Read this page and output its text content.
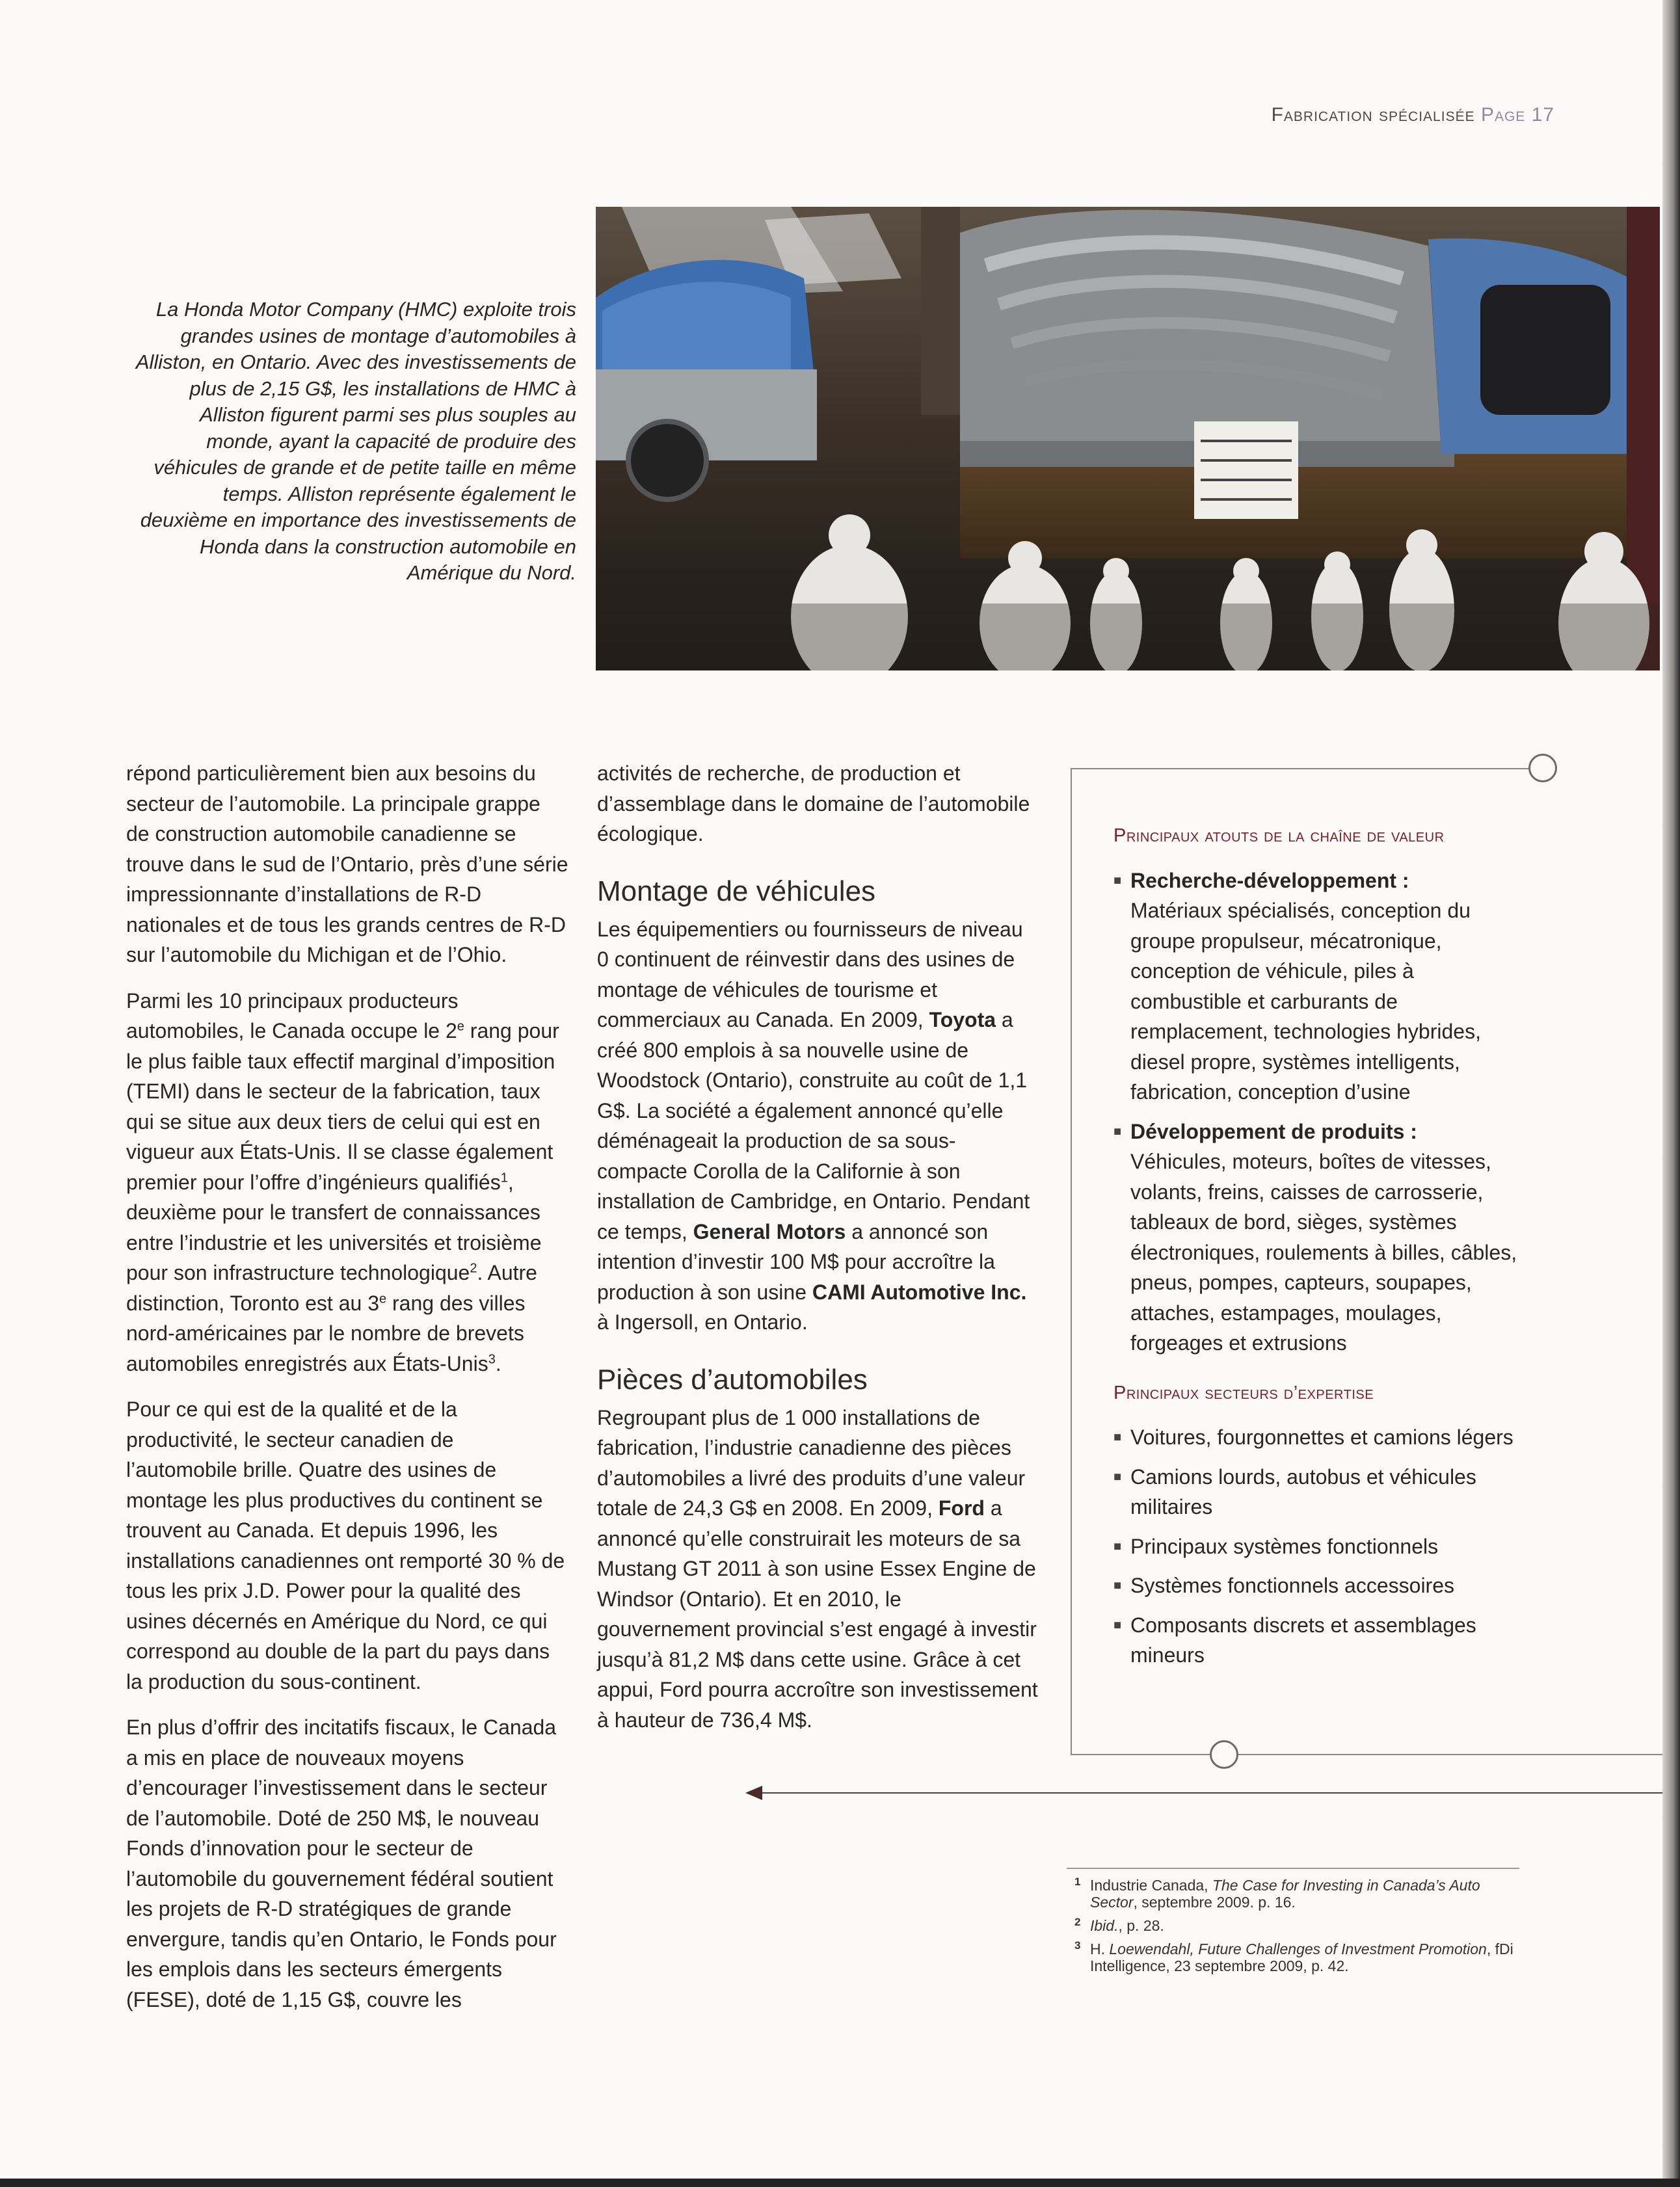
Fabrication spécialisée Page 17
La Honda Motor Company (HMC) exploite trois grandes usines de montage d’automobiles à Alliston, en Ontario. Avec des investissements de plus de 2,15 G$, les installations de HMC à Alliston figurent parmi ses plus souples au monde, ayant la capacité de produire des véhicules de grande et de petite taille en même temps. Alliston représente également le deuxième en importance des investissements de Honda dans la construction automobile en Amérique du Nord.

répond particulièrement bien aux besoins du secteur de l’automobile. La principale grappe de construction automobile canadienne se trouve dans le sud de l’Ontario, près d’une série impressionnante d’installations de R-D nationales et de tous les grands centres de R-D sur l’automobile du Michigan et de l’Ohio.

Parmi les 10 principaux producteurs automobiles, le Canada occupe le 2e rang pour le plus faible taux effectif marginal d’imposition (TEMI) dans le secteur de la fabrication, taux qui se situe aux deux tiers de celui qui est en vigueur aux États-Unis. Il se classe également premier pour l’offre d’ingénieurs qualifiés$^1$, deuxième pour le transfert de connaissances entre l’industrie et les universités et troisième pour son infrastructure technologique$^2$. Autre distinction, Toronto est au 3e rang des villes nord-américaines par le nombre de brevets automobiles enregistrés aux États-Unis$^3$.

Pour ce qui est de la qualité et de la productivité, le secteur canadien de l’automobile brille. Quatre des usines de montage les plus productives du continent se trouvent au Canada. Et depuis 1996, les installations canadiennes ont remporté 30 % de tous les prix J.D. Power pour la qualité des usines décernés en Amérique du Nord, ce qui correspond au double de la part du pays dans la production du sous-continent.

En plus d’offrir des incitatifs fiscaux, le Canada a mis en place de nouveaux moyens d’encourager l’investissement dans le secteur de l’automobile. Doté de 250 M$, le nouveau Fonds d’innovation pour le secteur de l’automobile du gouvernement fédéral soutient les projets de R-D stratégiques de grande envergure, tandis qu’en Ontario, le Fonds pour les emplois dans les secteurs émergents (FESE), doté de 1,15 G$, couvre les

activités de recherche, de production et d’assemblage dans le domaine de l’automobile écologique.

Montage de véhicules

Les équipementiers ou fournisseurs de niveau 0 continuent de réinvestir dans des usines de montage de véhicules de tourisme et commerciaux au Canada. En 2009, Toyota a créé 800 emplois à sa nouvelle usine de Woodstock (Ontario), construite au coût de 1,1 G$. La société a également annoncé qu’elle déménageait la production de sa sous-compacte Corolla de la Californie à son installation de Cambridge, en Ontario. Pendant ce temps, General Motors a annoncé son intention d’investir 100 M$ pour accroître la production à son usine CAMI Automotive Inc. à Ingersoll, en Ontario.

Pièces d’automobiles

Regroupant plus de 1 000 installations de fabrication, l’industrie canadienne des pièces d’automobiles a livré des produits d’une valeur totale de 24,3 G$ en 2008. En 2009, Ford a annoncé qu’elle construirait les moteurs de sa Mustang GT 2011 à son usine Essex Engine de Windsor (Ontario). Et en 2010, le gouvernement provincial s’est engagé à investir jusqu’à 81,2 M$ dans cette usine. Grâce à cet appui, Ford pourra accroître son investissement à hauteur de 736,4 M$.

Principaux atouts de la chaîne de valeur
■ Recherche-développement :
Matériaux spécialisés, conception du groupe propulseur, mécatronique, conception de véhicule, piles à combustible et carburants de remplacement, technologies hybrides, diesel propre, systèmes intelligents, fabrication, conception d’usine
■ Développement de produits :
Véhicules, moteurs, boîtes de vitesses, volants, freins, caisses de carrosserie, tableaux de bord, sièges, systèmes électroniques, roulements à billes, câbles, pneus, pompes, capteurs, soupapes, attaches, estampages, moulages, forgeages et extrusions
Principaux secteurs d’expertise
■ Voitures, fourgonnettes et camions légers
■ Camions lourds, autobus et véhicules militaires
■ Principaux systèmes fonctionnels
■ Systèmes fonctionnels accessoires
■ Composants discrets et assemblages mineurs
1 Industrie Canada, The Case for Investing in Canada’s Auto Sector, septembre 2009. p. 16.
2 Ibid., p. 28.
3 H. Loewendahl, Future Challenges of Investment Promotion, fDi Intelligence, 23 septembre 2009, p. 42.
